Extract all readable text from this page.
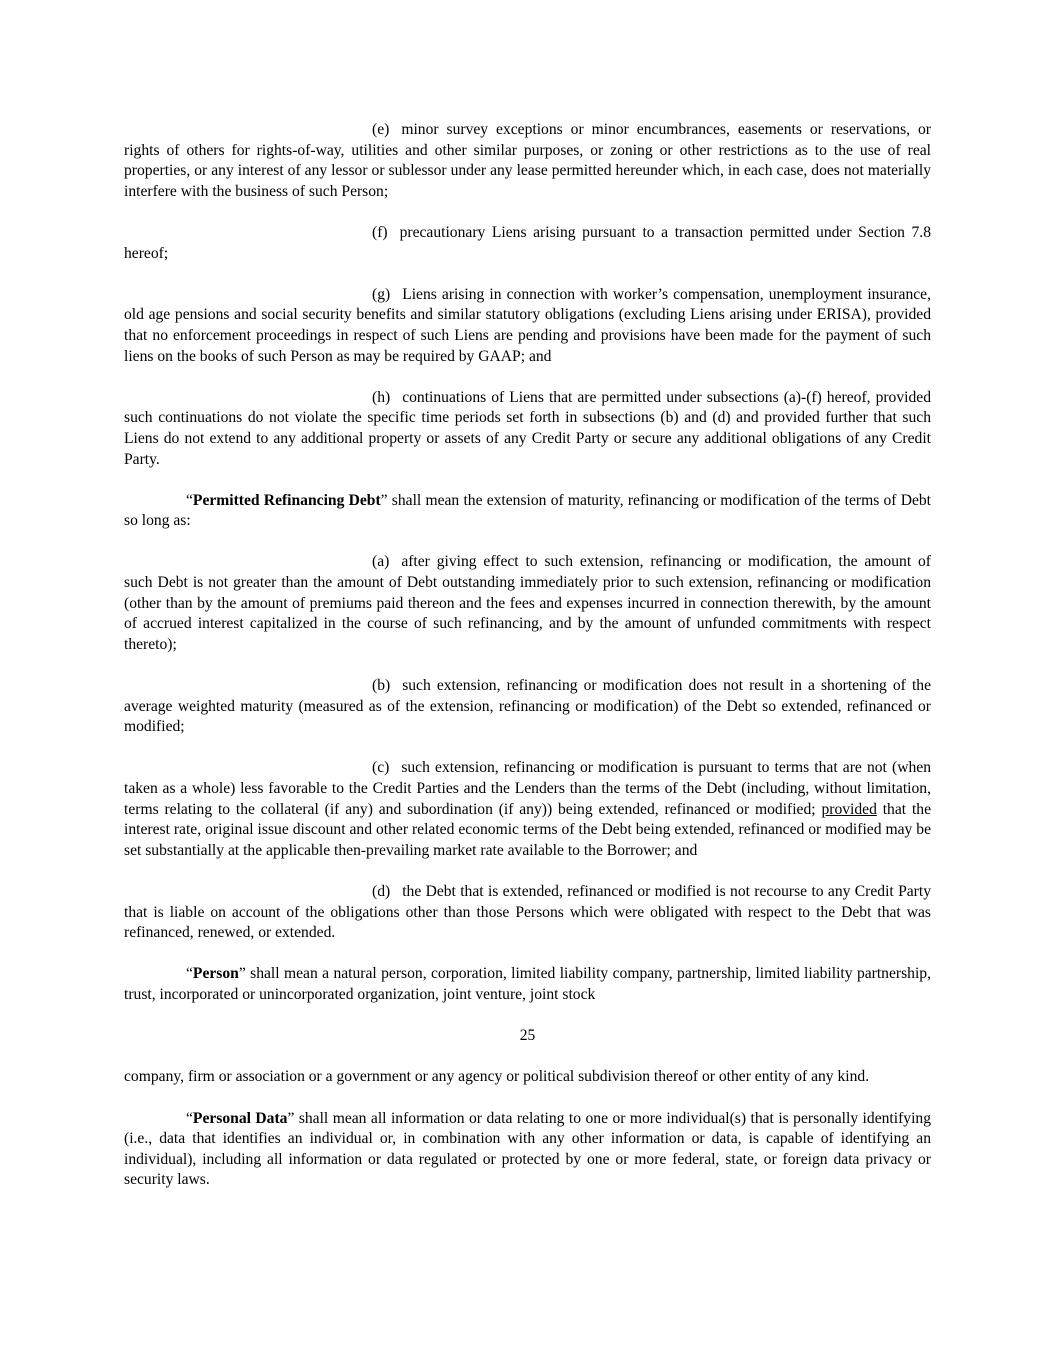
(e) minor survey exceptions or minor encumbrances, easements or reservations, or rights of others for rights-of-way, utilities and other similar purposes, or zoning or other restrictions as to the use of real properties, or any interest of any lessor or sublessor under any lease permitted hereunder which, in each case, does not materially interfere with the business of such Person;

(f) precautionary Liens arising pursuant to a transaction permitted under Section 7.8 hereof;

(g) Liens arising in connection with worker’s compensation, unemployment insurance, old age pensions and social security benefits and similar statutory obligations (excluding Liens arising under ERISA), provided that no enforcement proceedings in respect of such Liens are pending and provisions have been made for the payment of such liens on the books of such Person as may be required by GAAP; and

(h) continuations of Liens that are permitted under subsections (a)-(f) hereof, provided such continuations do not violate the specific time periods set forth in subsections (b) and (d) and provided further that such Liens do not extend to any additional property or assets of any Credit Party or secure any additional obligations of any Credit Party.

“Permitted Refinancing Debt” shall mean the extension of maturity, refinancing or modification of the terms of Debt so long as:

(a) after giving effect to such extension, refinancing or modification, the amount of such Debt is not greater than the amount of Debt outstanding immediately prior to such extension, refinancing or modification (other than by the amount of premiums paid thereon and the fees and expenses incurred in connection therewith, by the amount of accrued interest capitalized in the course of such refinancing, and by the amount of unfunded commitments with respect thereto);

(b) such extension, refinancing or modification does not result in a shortening of the average weighted maturity (measured as of the extension, refinancing or modification) of the Debt so extended, refinanced or modified;

(c) such extension, refinancing or modification is pursuant to terms that are not (when taken as a whole) less favorable to the Credit Parties and the Lenders than the terms of the Debt (including, without limitation, terms relating to the collateral (if any) and subordination (if any)) being extended, refinanced or modified; provided that the interest rate, original issue discount and other related economic terms of the Debt being extended, refinanced or modified may be set substantially at the applicable then-prevailing market rate available to the Borrower; and

(d) the Debt that is extended, refinanced or modified is not recourse to any Credit Party that is liable on account of the obligations other than those Persons which were obligated with respect to the Debt that was refinanced, renewed, or extended.

“Person” shall mean a natural person, corporation, limited liability company, partnership, limited liability partnership, trust, incorporated or unincorporated organization, joint venture, joint stock

25

company, firm or association or a government or any agency or political subdivision thereof or other entity of any kind.

“Personal Data” shall mean all information or data relating to one or more individual(s) that is personally identifying (i.e., data that identifies an individual or, in combination with any other information or data, is capable of identifying an individual), including all information or data regulated or protected by one or more federal, state, or foreign data privacy or security laws.
